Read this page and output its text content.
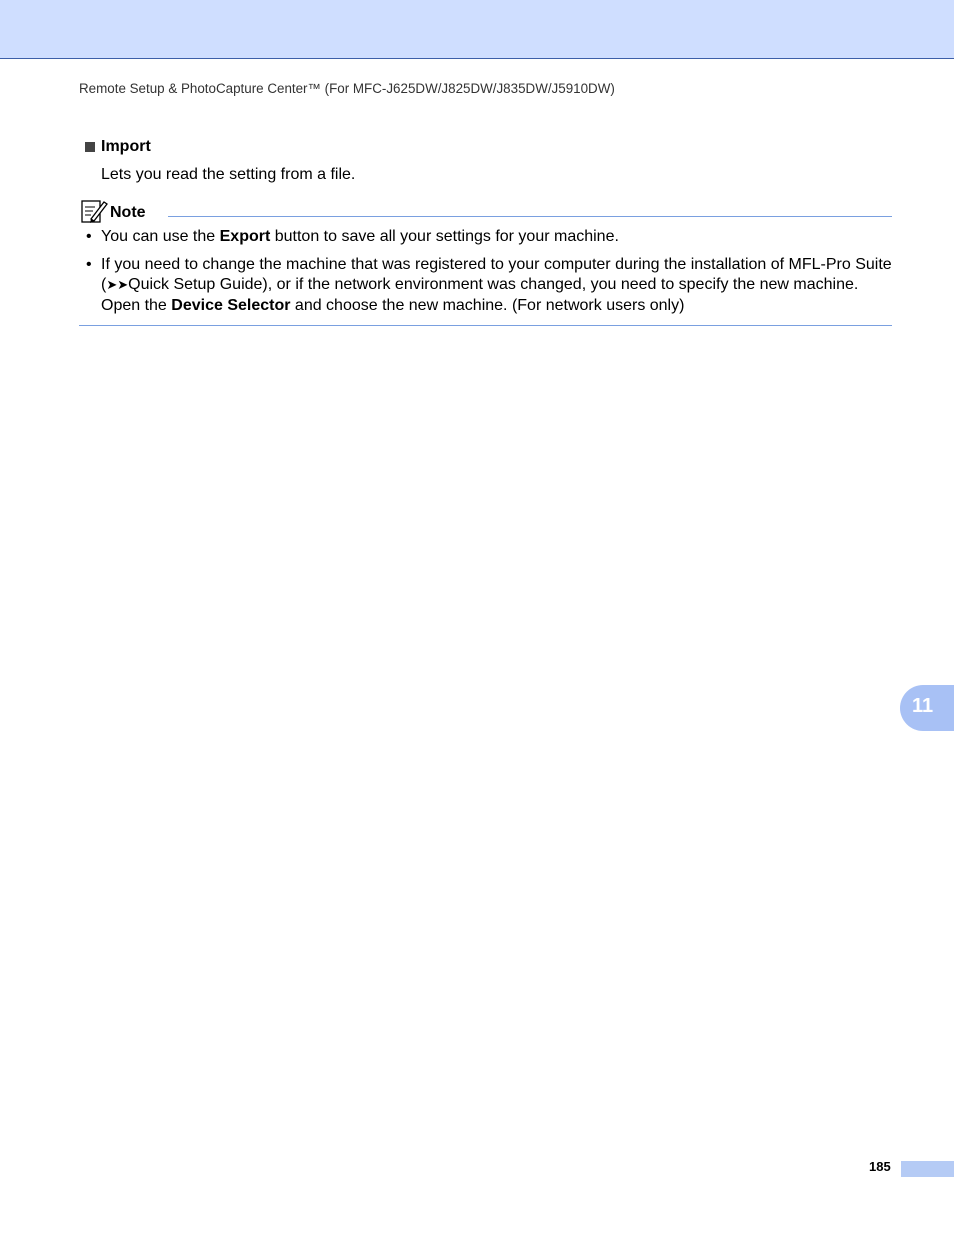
Remote Setup & PhotoCapture Center™ (For MFC-J625DW/J825DW/J835DW/J5910DW)
Import
Lets you read the setting from a file.
Note
• You can use the Export button to save all your settings for your machine.
• If you need to change the machine that was registered to your computer during the installation of MFL-Pro Suite (➤➤Quick Setup Guide), or if the network environment was changed, you need to specify the new machine. Open the Device Selector and choose the new machine. (For network users only)
11
185
